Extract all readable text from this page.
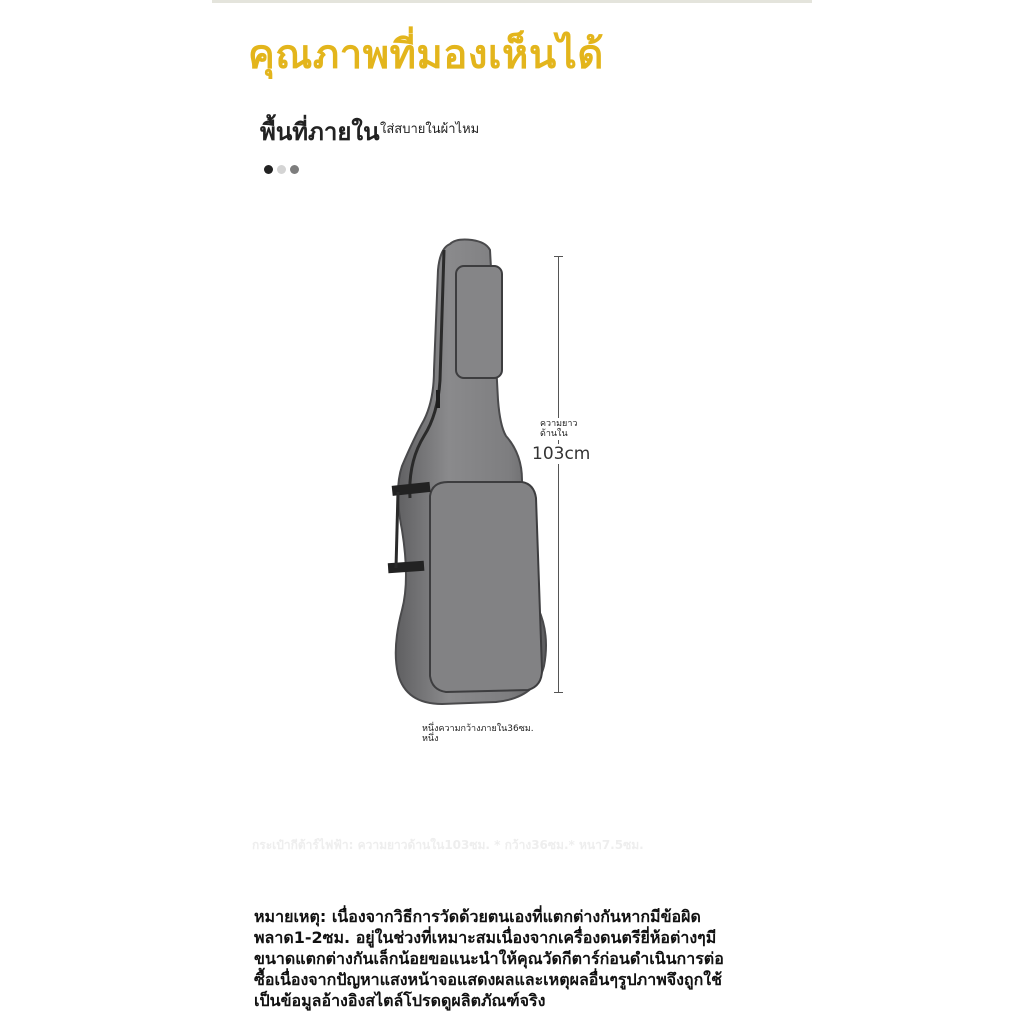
คุณภาพที่มองเห็นได้
พื้นที่ภายใน ใส่สบายในผ้าไหม
ความยาวด้านใน
103cm
หนึ่งความกว้างภายใน36ซม. หนึ่ง
กระเป๋ากีต้าร์ไฟฟ้า: ความยาวด้านใน103ซม. * กว้าง36ซม.* หนา7.5ซม.
หมายเหตุ: เนื่องจากวิธีการวัดด้วยตนเองที่แตกต่างกันหากมีข้อผิดพลาด1-2ซม. อยู่ในช่วงที่เหมาะสมเนื่องจากเครื่องดนตรียี่ห้อต่างๆมีขนาดแตกต่างกันเล็กน้อยขอแนะนำให้คุณวัดกีตาร์ก่อนดำเนินการต่อซื้อเนื่องจากปัญหาแสงหน้าจอแสดงผลและเหตุผลอื่นๆรูปภาพจึงถูกใช้เป็นข้อมูลอ้างอิงสไตล์โปรดดูผลิตภัณฑ์จริง
